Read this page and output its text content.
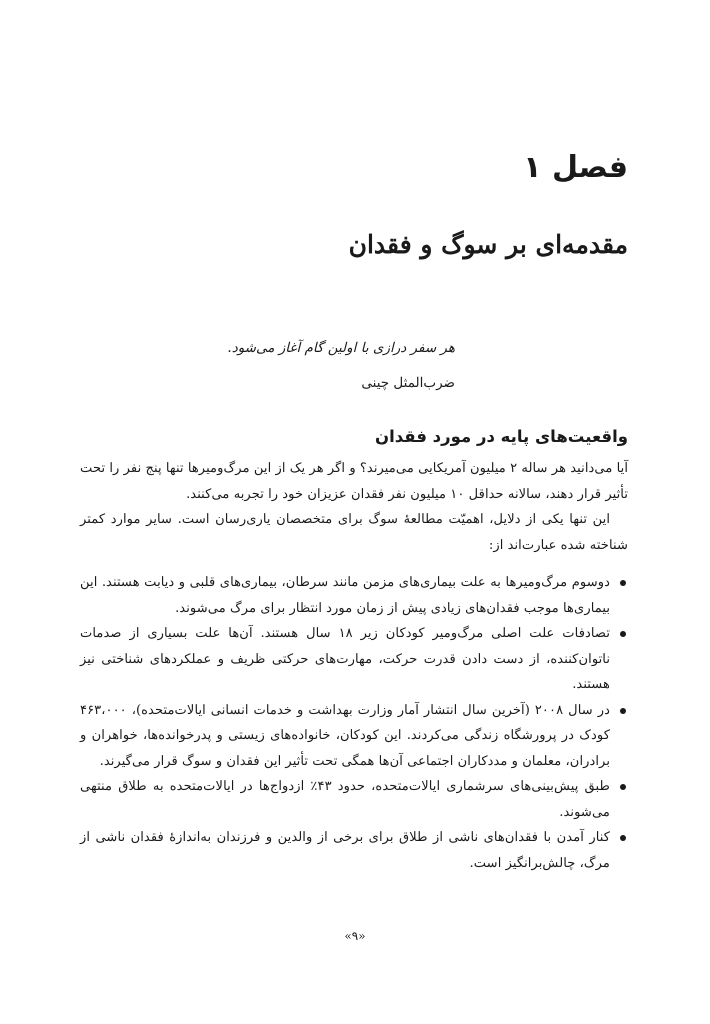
فصل ۱
مقدمه‌ای بر سوگ و فقدان

هر سفر درازی با اولین گام آغاز می‌شود.

ضرب‌المثل چینی

واقعیت‌های پایه در مورد فقدان

آیا می‌دانید هر ساله ۲ میلیون آمریکایی می‌میرند؟ و اگر هر یک از این مرگ‌ومیرها تنها پنج نفر را تحت تأثیر قرار دهند، سالانه حداقل ۱۰ میلیون نفر فقدان عزیزان خود را تجربه می‌کنند.

این تنها یکی از دلایل، اهمیّت مطالعهٔ سوگ برای متخصصان یاری‌رسان است. سایر موارد کمتر شناخته شده عبارت‌اند از:

دوسوم مرگ‌ومیرها به علت بیماری‌های مزمن مانند سرطان، بیماری‌های قلبی و دیابت هستند. این بیماری‌ها موجب فقدان‌های زیادی پیش از زمان مورد انتظار برای مرگ می‌شوند.
تصادفات علت اصلی مرگ‌ومیر کودکان زیر ۱۸ سال هستند. آن‌ها علت بسیاری از صدمات ناتوان‌کننده، از دست دادن قدرت حرکت، مهارت‌های حرکتی ظریف و عملکردهای شناختی نیز هستند.
در سال ۲۰۰۸ (آخرین سال انتشار آمار وزارت بهداشت و خدمات انسانی ایالات‌متحده)، ۴۶۳،۰۰۰ کودک در پرورشگاه زندگی می‌کردند. این کودکان، خانواده‌های زیستی و پدرخوانده‌ها، خواهران و برادران، معلمان و مددکاران اجتماعی آن‌ها همگی تحت تأثیر این فقدان و سوگ قرار می‌گیرند.
طبق پیش‌بینی‌های سرشماری ایالات‌متحده، حدود ۴۳٪ ازدواج‌ها در ایالات‌متحده به طلاق منتهی می‌شوند.
کنار آمدن با فقدان‌های ناشی از طلاق برای برخی از والدین و فرزندان به‌اندازهٔ فقدان ناشی از مرگ، چالش‌برانگیز است.
«۹»
